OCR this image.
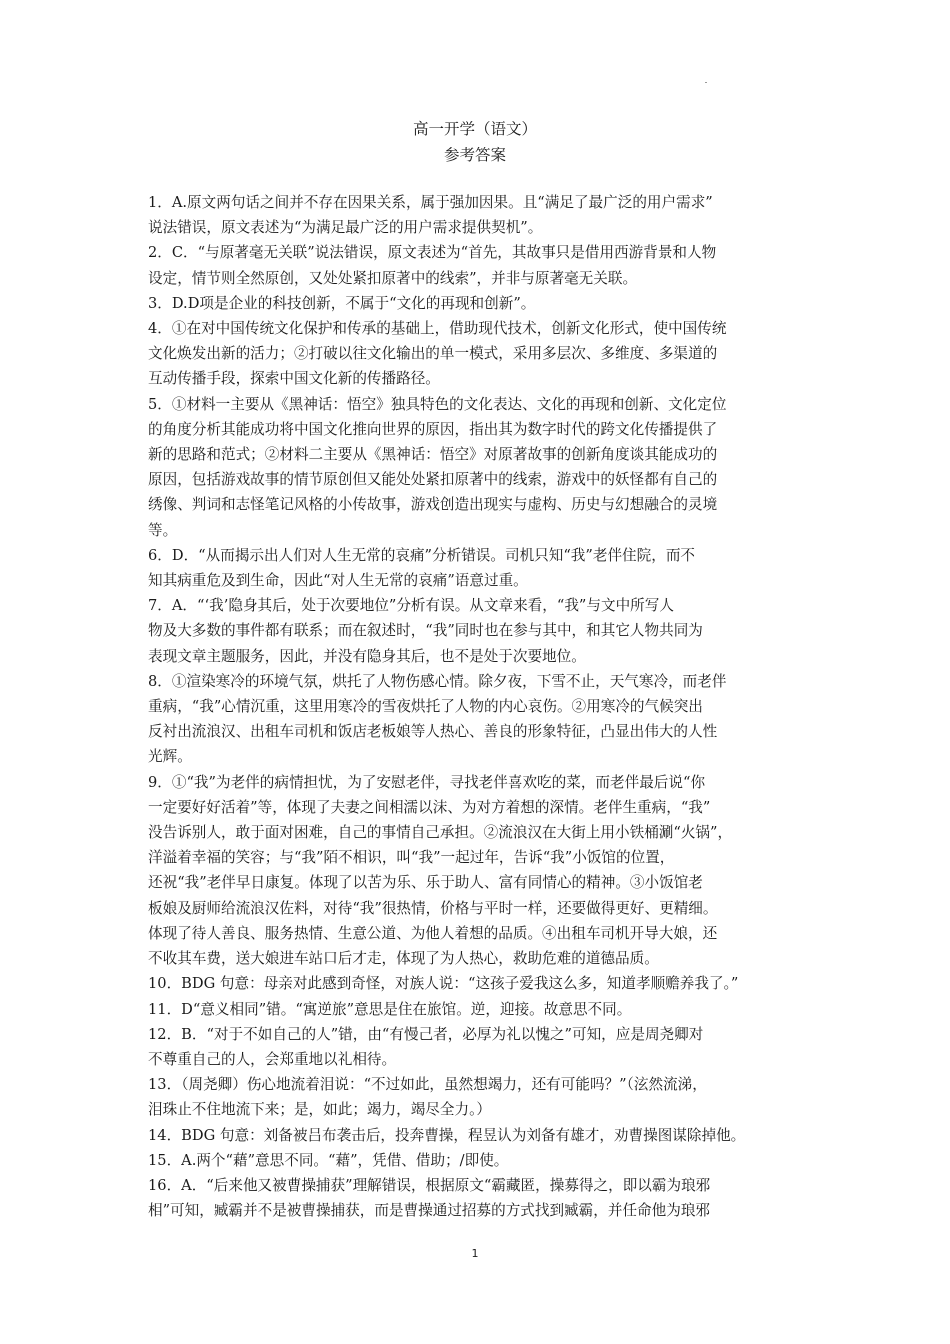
高一开学（语文）
参考答案

1．A.原文两句话之间并不存在因果关系，属于强加因果。且“满足了最广泛的用户需求”

说法错误，原文表述为“为满足最广泛的用户需求提供契机”。

2．C．“与原著毫无关联”说法错误，原文表述为“首先，其故事只是借用西游背景和人物

设定，情节则全然原创，又处处紧扣原著中的线索”，并非与原著毫无关联。

3．D.D项是企业的科技创新，不属于“文化的再现和创新”。

4．①在对中国传统文化保护和传承的基础上，借助现代技术，创新文化形式，使中国传统

文化焕发出新的活力；②打破以往文化输出的单一模式，采用多层次、多维度、多渠道的

互动传播手段，探索中国文化新的传播路径。

5．①材料一主要从《黑神话：悟空》独具特色的文化表达、文化的再现和创新、文化定位

的角度分析其能成功将中国文化推向世界的原因，指出其为数字时代的跨文化传播提供了

新的思路和范式；②材料二主要从《黑神话：悟空》对原著故事的创新角度谈其能成功的

原因，包括游戏故事的情节原创但又能处处紧扣原著中的线索，游戏中的妖怪都有自己的

绣像、判词和志怪笔记风格的小传故事，游戏创造出现实与虚构、历史与幻想融合的灵境

等。

6．D．“从而揭示出人们对人生无常的哀痛”分析错误。司机只知“我”老伴住院，而不

知其病重危及到生命，因此“对人生无常的哀痛”语意过重。

7．A．“‘我’隐身其后，处于次要地位”分析有误。从文章来看，“我”与文中所写人

物及大多数的事件都有联系；而在叙述时，“我”同时也在参与其中，和其它人物共同为

表现文章主题服务，因此，并没有隐身其后，也不是处于次要地位。

8．①渲染寒冷的环境气氛，烘托了人物伤感心情。除夕夜，下雪不止，天气寒冷，而老伴

重病，“我”心情沉重，这里用寒冷的雪夜烘托了人物的内心哀伤。②用寒冷的气候突出

反衬出流浪汉、出租车司机和饭店老板娘等人热心、善良的形象特征，凸显出伟大的人性

光辉。

9．①“我”为老伴的病情担忧，为了安慰老伴，寻找老伴喜欢吃的菜，而老伴最后说“你

一定要好好活着”等，体现了夫妻之间相濡以沫、为对方着想的深情。老伴生重病，“我”

没告诉别人，敢于面对困难，自己的事情自己承担。②流浪汉在大街上用小铁桶涮“火锅”，

洋溢着幸福的笑容；与“我”陌不相识，叫“我”一起过年，告诉“我”小饭馆的位置，

还祝“我”老伴早日康复。体现了以苦为乐、乐于助人、富有同情心的精神。③小饭馆老

板娘及厨师给流浪汉佐料，对待“我”很热情，价格与平时一样，还要做得更好、更精细。

体现了待人善良、服务热情、生意公道、为他人着想的品质。④出租车司机开导大娘，还

不收其车费，送大娘进车站口后才走，体现了为人热心，救助危难的道德品质。

10．BDG 句意：母亲对此感到奇怪，对族人说：“这孩子爱我这么多，知道孝顺赡养我了。”

11．D“意义相同”错。“寓逆旅”意思是住在旅馆。逆，迎接。故意思不同。

12．B．“对于不如自己的人”错，由“有慢己者，必厚为礼以愧之”可知，应是周尧卿对

不尊重自己的人，会郑重地以礼相待。

13．（周尧卿）伤心地流着泪说：“不过如此，虽然想竭力，还有可能吗？”（泫然流涕，

泪珠止不住地流下来；是，如此；竭力，竭尽全力。）

14．BDG 句意：刘备被吕布袭击后，投奔曹操，程昱认为刘备有雄才，劝曹操图谋除掉他。

15．A.两个“藉”意思不同。“藉”，凭借、借助；/即使。

16．A．“后来他又被曹操捕获”理解错误，根据原文“霸藏匿，操募得之，即以霸为琅邪

相”可知，臧霸并不是被曹操捕获，而是曹操通过招募的方式找到臧霸，并任命他为琅邪

1
